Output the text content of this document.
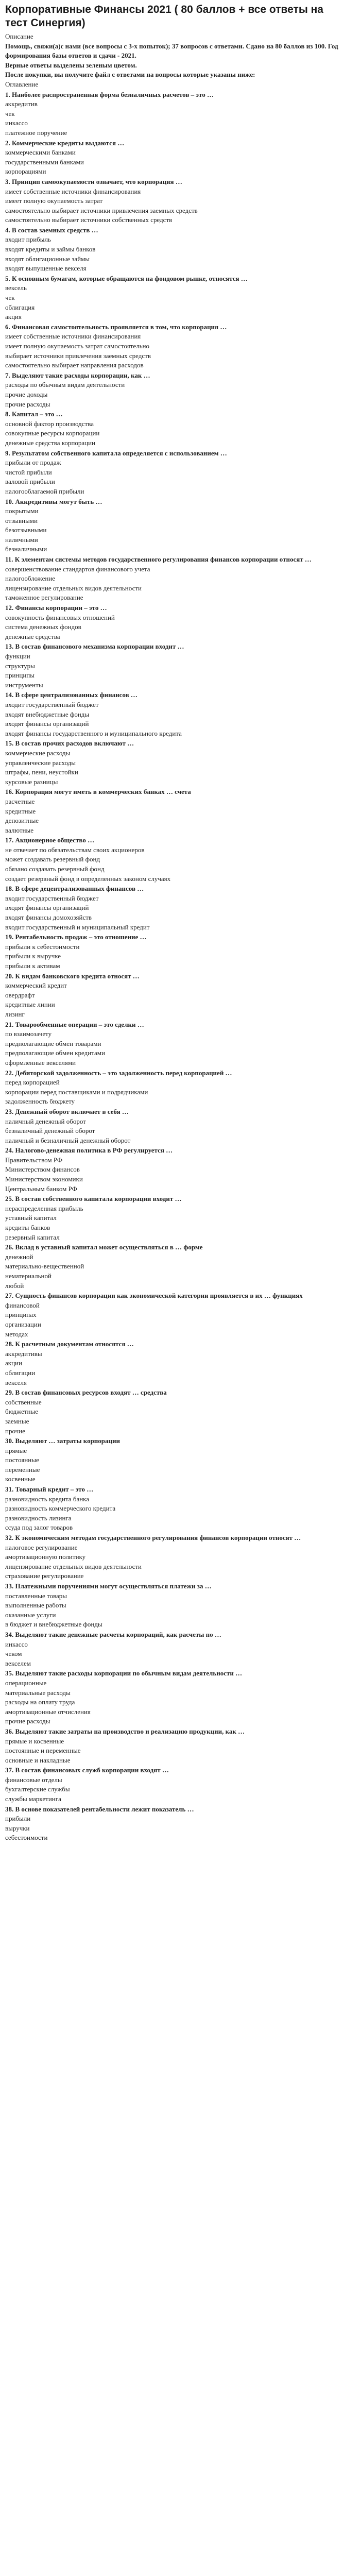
Корпоративные Финансы 2021 ( 80 баллов + все ответы на тест Синергия)

Описание

Помощь, свяжи(а)с нами (все вопросы с 3-х попыток); 37 вопросов с ответами. Сдано на 80 баллов из 100. Год формирования базы ответов и сдачи - 2021.

Верные ответы выделены зеленым цветом.

После покупки, вы получите файл с ответами на вопросы которые указаны ниже:

Оглавление

1. Наиболее распространенная форма безналичных расчетов – это …

аккредитив

чек

инкассо

платежное поручение

2. Коммерческие кредиты выдаются …

коммерческими банками

государственными банками

корпорациями

3. Принцип самоокупаемости означает, что корпорация …

имеет собственные источники финансирования

имеет полную окупаемость затрат

самостоятельно выбирает источники привлечения заемных средств

самостоятельно выбирает источники собственных средств

4. В состав заемных средств …

входит прибыль

входят кредиты и займы банков

входят облигационные займы

входят выпущенные векселя

5. К основным бумагам, которые обращаются на фондовом рынке, относятся …

вексель

чек

облигация

акция

6. Финансовая самостоятельность проявляется в том, что корпорация …

имеет собственные источники финансирования

имеет полную окупаемость затрат самостоятельно

выбирает источники привлечения заемных средств

самостоятельно выбирает направления расходов

7. Выделяют такие расходы корпорации, как …

расходы по обычным видам деятельности

прочие доходы

прочие расходы

8. Капитал – это …

основной фактор производства

совокупные ресурсы корпорации

денежные средства корпорации

9. Результатом собственного капитала определяется с использованием …

прибыли от продаж

чистой прибыли

валовой прибыли

налогооблагаемой прибыли

10. Аккредитивы могут быть …

покрытыми

отзывными

безотзывными

наличными

безналичными

11. К элементам системы методов государственного регулирования финансов корпорации относят …

совершенствование стандартов финансового учета

налогообложение

лицензирование отдельных видов деятельности

таможенное регулирование

12. Финансы корпорации – это …

совокупность финансовых отношений

система денежных фондов

денежные средства

13. В состав финансового механизма корпорации входит …

функции

структуры

принципы

инструменты

14. В сфере централизованных финансов …

входит государственный бюджет

входят внебюджетные фонды

входят финансы организаций

входят финансы государственного и муниципального кредита

15. В состав прочих расходов включают …

коммерческие расходы

управленческие расходы

штрафы, пени, неустойки

курсовые разницы

16. Корпорация могут иметь в коммерческих банках … счета

расчетные

кредитные

депозитные

валютные

17. Акционерное общество …

не отвечает по обязательствам своих акционеров

может создавать резервный фонд

обязано создавать резервный фонд

создает резервный фонд в определенных законом случаях

18. В сфере децентрализованных финансов …

входит государственный бюджет

входят финансы организаций

входят финансы домохозяйств

входит государственный и муниципальный кредит

19. Рентабельность продаж – это отношение …

прибыли к себестоимости

прибыли к выручке

прибыли к активам

20. К видам банковского кредита относят …

коммерческий кредит

овердрафт

кредитные линии

лизинг

21. Товарообменные операции – это сделки …

по взаимозачету

предполагающие обмен товарами

предполагающие обмен кредитами

оформленные векселями

22. Дебиторской задолженность – это задолженность перед корпорацией …

перед корпорацией

корпорации перед поставщиками и подрядчиками

задолженность бюджету

23. Денежный оборот включает в себя …

наличный денежный оборот

безналичный денежный оборот

наличный и безналичный денежный оборот

24. Налогово-денежная политика в РФ регулируется …

Правительством РФ

Министерством финансов

Министерством экономики

Центральным банком РФ

25. В состав собственного капитала корпорации входит …

нераспределенная прибыль

уставный капитал

кредиты банков

резервный капитал

26. Вклад в уставный капитал может осуществляться в … форме

денежной

материально-вещественной

нематериальной

любой

27. Сущность финансов корпорации как экономической категории проявляется в их … функциях

финансовой

принципах

организации

методах

28. К расчетным документам относятся …

аккредитивы

акции

облигации

векселя

29. В состав финансовых ресурсов входят … средства

собственные

бюджетные

заемные

прочие

30. Выделяют … затраты корпорации

прямые

постоянные

переменные

косвенные

31. Товарный кредит – это …

разновидность кредита банка

разновидность коммерческого кредита

разновидность лизинга

ссуда под залог товаров

32. К экономическим методам государственного регулирования финансов корпорации относят …

налоговое регулирование

амортизационную политику

лицензирование отдельных видов деятельности

страхование регулирование

33. Платежными поручениями могут осуществляться платежи за …

поставленные товары

выполненные работы

оказанные услуги

в бюджет и внебюджетные фонды

34. Выделяют такие денежные расчеты корпораций, как расчеты по …

инкассо

чеком

векселем

35. Выделяют такие расходы корпорации по обычным видам деятельности …

операционные

материальные расходы

расходы на оплату труда

амортизационные отчисления

прочие расходы

36. Выделяют такие затраты на производство и реализацию продукции, как …

прямые и косвенные

постоянные и переменные

основные и накладные

37. В состав финансовых служб корпорации входят …

финансовые отделы

бухгалтерские службы

службы маркетинга

38. В основе показателей рентабельности лежит показатель …

прибыли

выручки

себестоимости
